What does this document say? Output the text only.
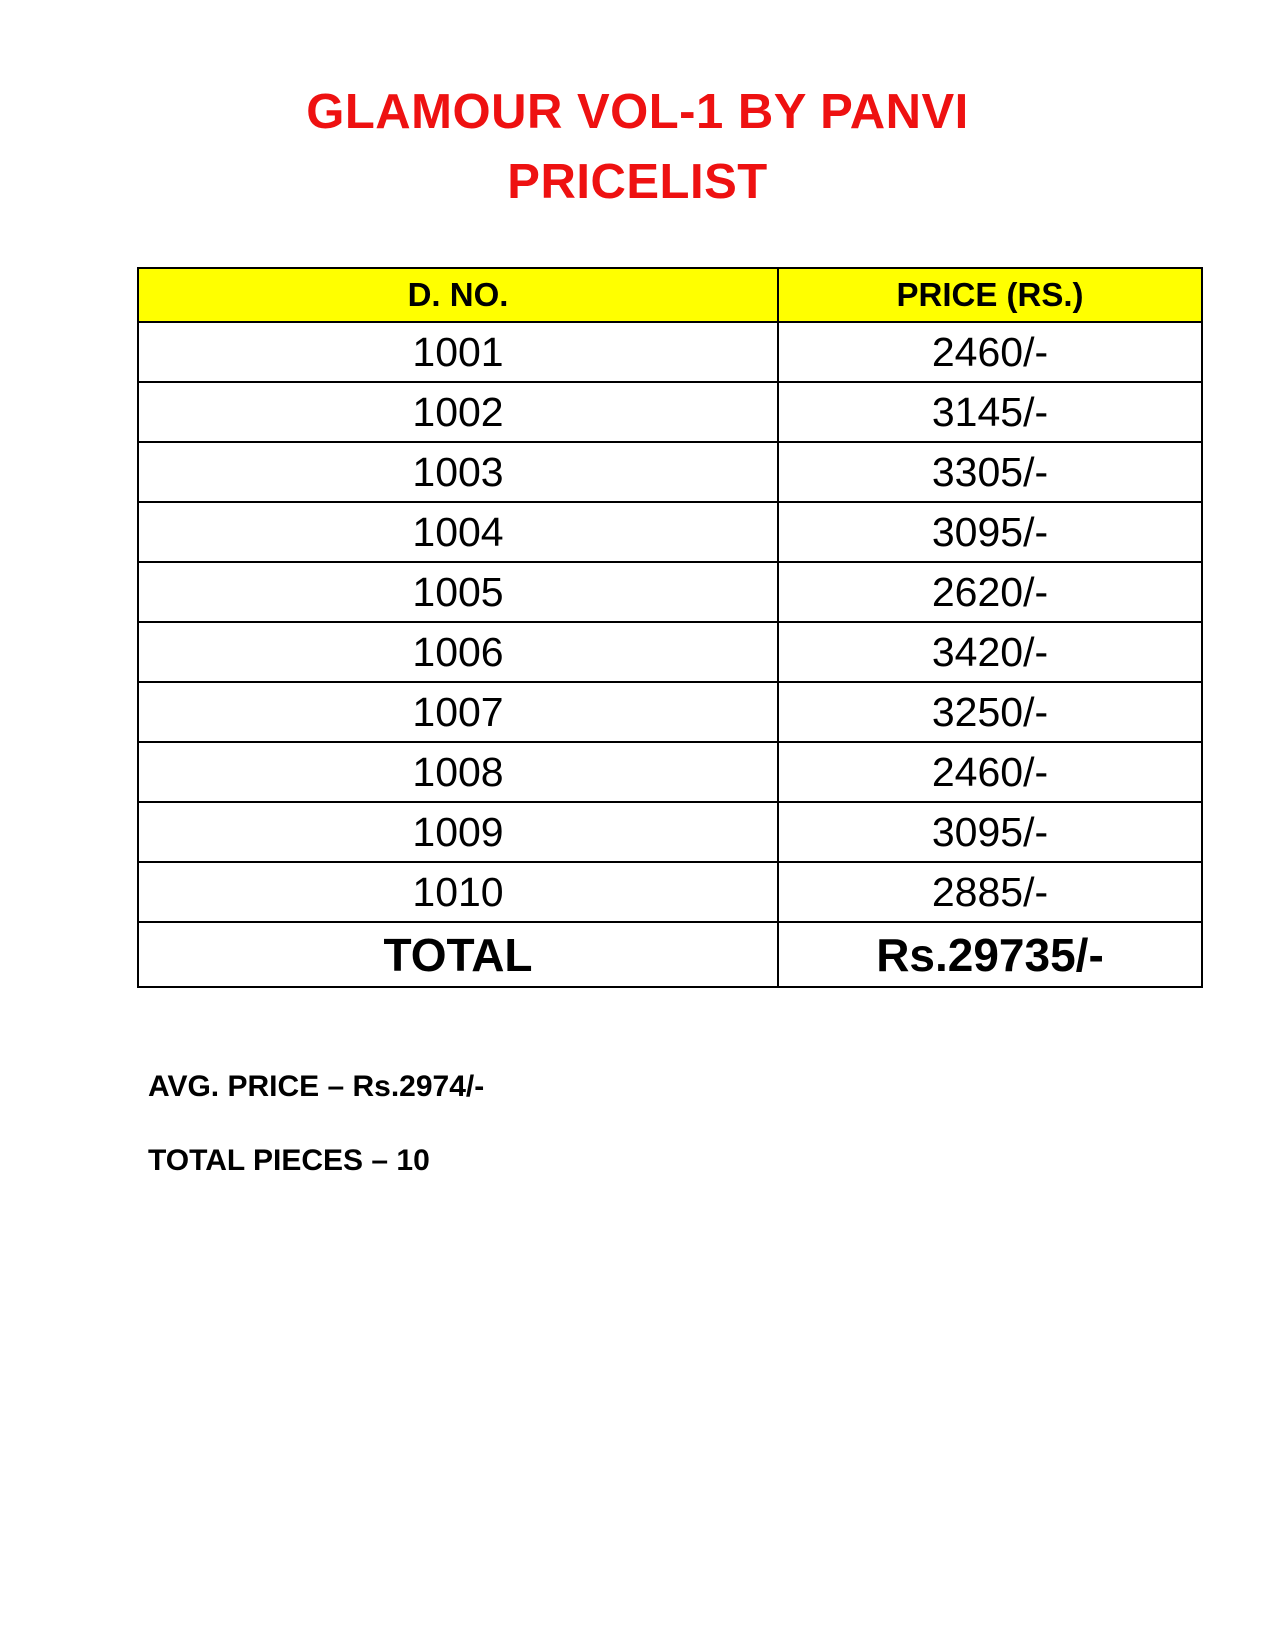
GLAMOUR VOL-1 BY PANVI
PRICELIST
D. NO.	PRICE (RS.)
1001	2460/-
1002	3145/-
1003	3305/-
1004	3095/-
1005	2620/-
1006	3420/-
1007	3250/-
1008	2460/-
1009	3095/-
1010	2885/-
TOTAL	Rs.29735/-

AVG. PRICE – Rs.2974/-

TOTAL PIECES – 10
